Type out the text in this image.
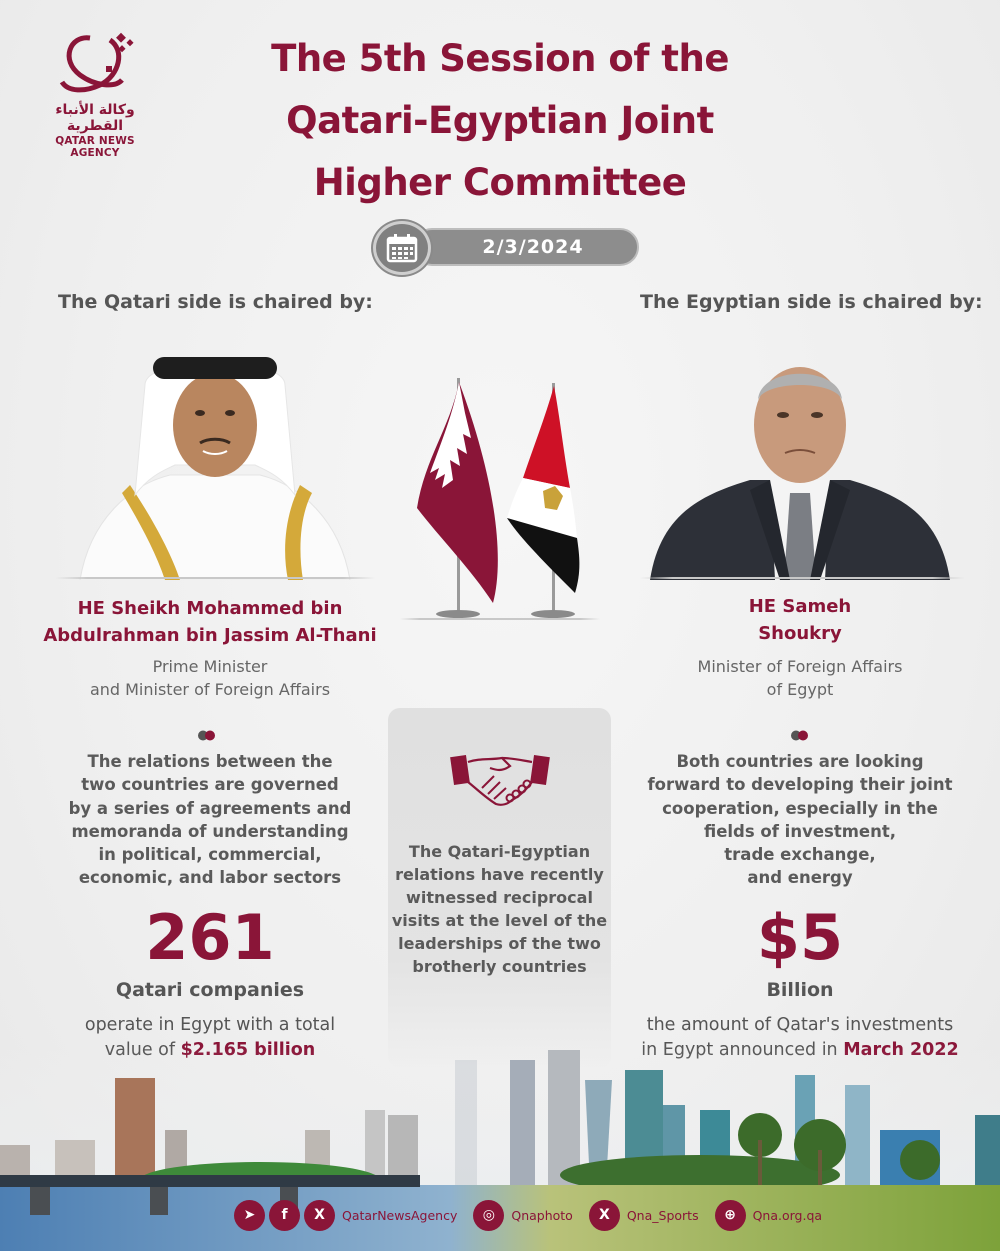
وكالة الأنباء القطرية
QATAR NEWS AGENCY
The 5th Session of the
Qatari-Egyptian Joint
Higher Committee
2/3/2024
The Qatari side is chaired by:	The Egyptian side is chaired by:
HE Sheikh Mohammed bin
Abdulrahman bin Jassim Al-Thani
Prime Minister
and Minister of Foreign Affairs
HE Sameh
Shoukry
Minister of Foreign Affairs
of Egypt
The relations between the
two countries are governed
by a series of agreements and
memoranda of understanding
in political, commercial,
economic, and labor sectors
Both countries are looking
forward to developing their joint
cooperation, especially in the
fields of investment,
trade exchange,
and energy
The Qatari-Egyptian
relations have recently
witnessed reciprocal
visits at the level of the
leaderships of the two
brotherly countries
261
Qatari companies
operate in Egypt with a total
$5
Billion
the amount of Qatar's investments
➤	f	X	QatarNewsAgency	◎	Qnaphoto	X	Qna_Sports	⊕	Qna.org.qa
